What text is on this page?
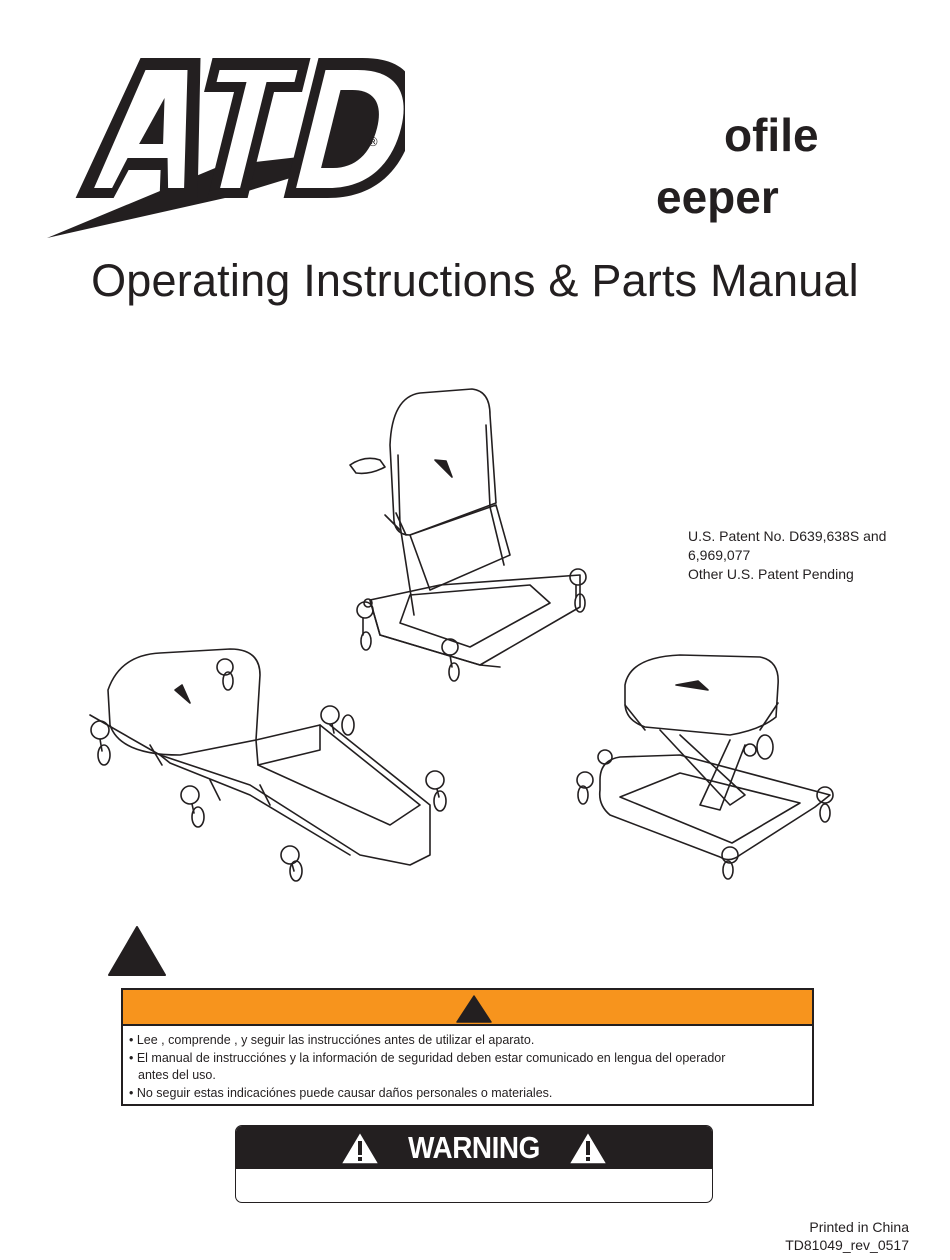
®	ofile
eeper
Operating Instructions & Parts Manual
U.S. Patent No. D639,638S and
6,969,077
Other U.S. Patent Pending
• Lee , comprende , y seguir las instrucciónes antes de utilizar el aparato.
• El manual de instrucciónes y la información de seguridad deben estar comunicado en lengua del operador
antes del uso.
• No seguir estas indicaciónes puede causar daños personales o materiales.
WARNING
Printed in China
TD81049_rev_0517
